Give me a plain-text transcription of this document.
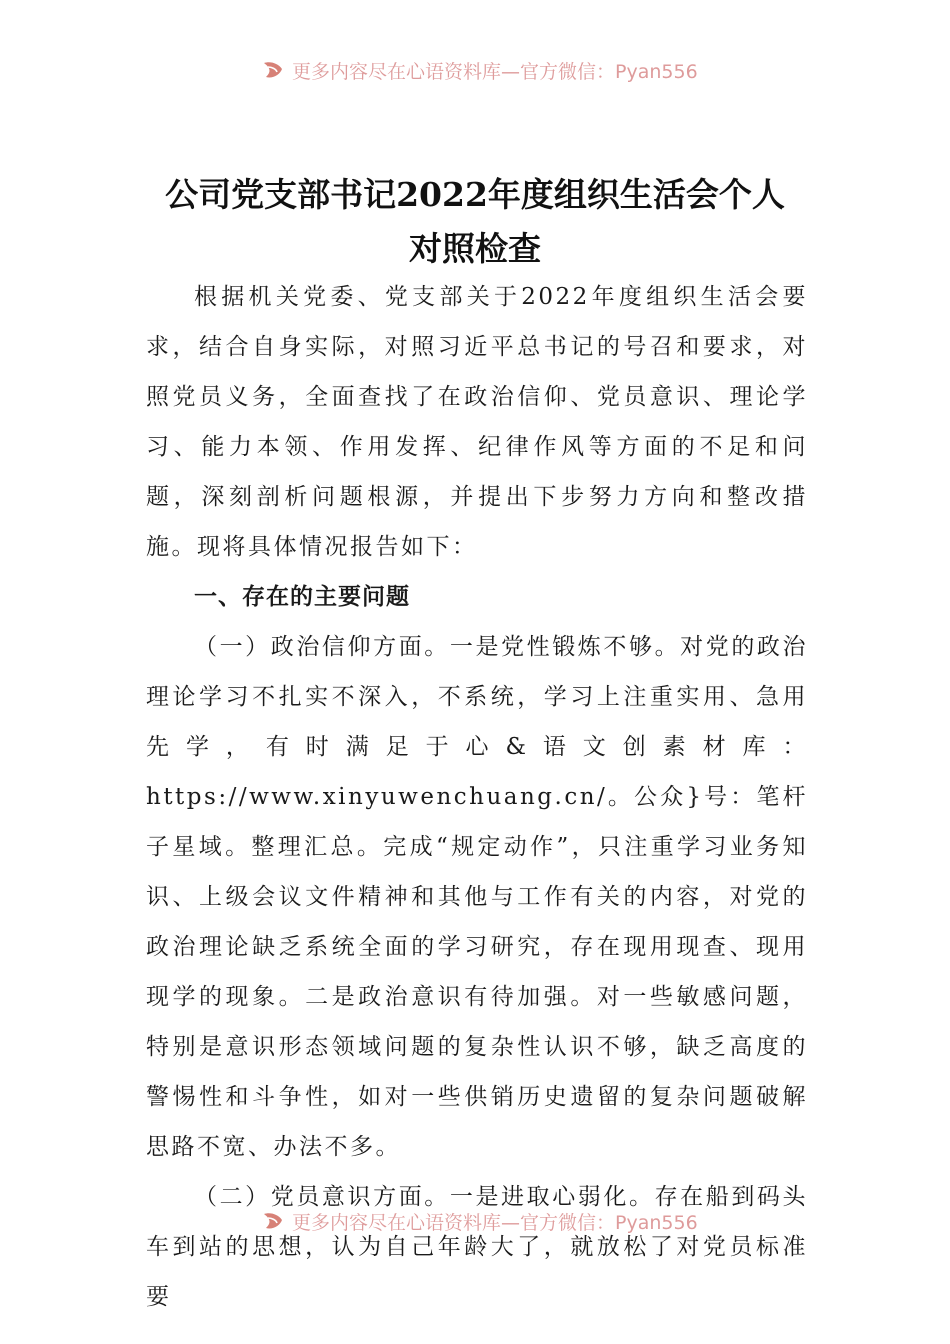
更多内容尽在心语资料库—官方微信：Pyan556
公司党支部书记2022年度组织生活会个人
对照检查

根据机关党委、党支部关于2022年度组织生活会要求，结合自身实际，对照习近平总书记的号召和要求，对照党员义务，全面查找了在政治信仰、党员意识、理论学习、能力本领、作用发挥、纪律作风等方面的不足和问题，深刻剖析问题根源，并提出下步努力方向和整改措施。现将具体情况报告如下：

一、存在的主要问题

（一）政治信仰方面。一是党性锻炼不够。对党的政治理论学习不扎实不深入，不系统，学习上注重实用、急用先学，有时满足于心&语文创素材库：https://www.xinyuwenchuang.cn/。公众}号：笔杆子星域。整理汇总。完成“规定动作”，只注重学习业务知识、上级会议文件精神和其他与工作有关的内容，对党的政治理论缺乏系统全面的学习研究，存在现用现查、现用现学的现象。二是政治意识有待加强。对一些敏感问题，特别是意识形态领域问题的复杂性认识不够，缺乏高度的警惕性和斗争性，如对一些供销历史遗留的复杂问题破解思路不宽、办法不多。

（二）党员意识方面。一是进取心弱化。存在船到码头车到站的思想，认为自己年龄大了，就放松了对党员标准要

更多内容尽在心语资料库—官方微信：Pyan556
